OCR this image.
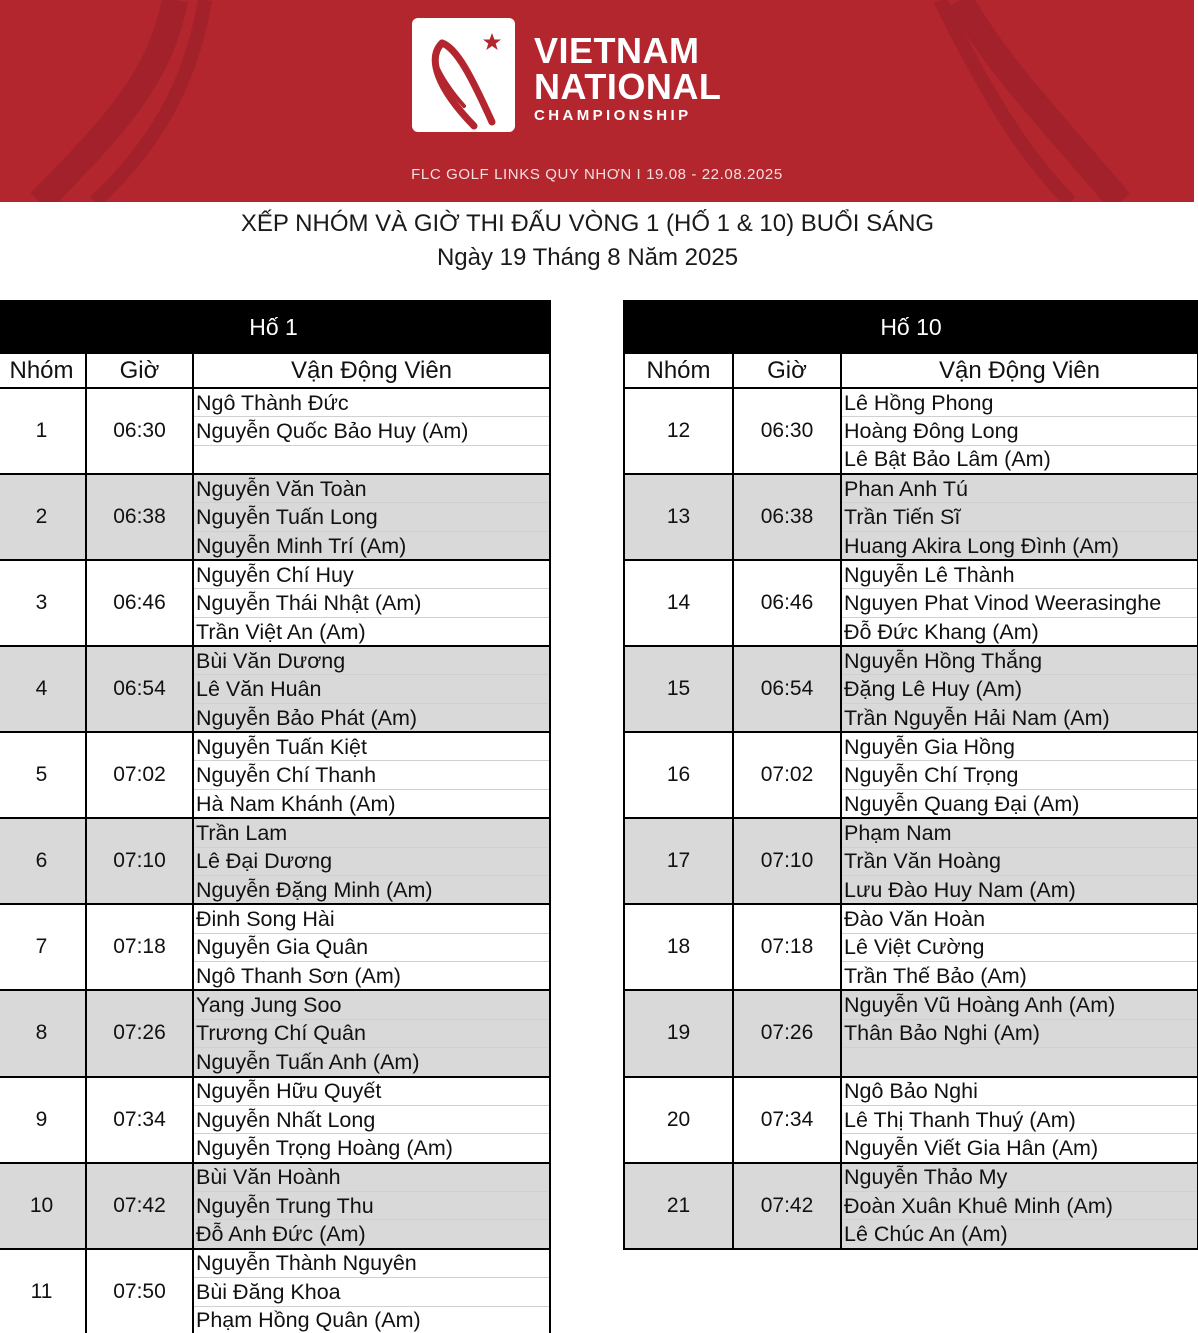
VIETNAM
NATIONAL
CHAMPIONSHIP
FLC GOLF LINKS QUY NHƠN I 19.08 - 22.08.2025
XẾP NHÓM VÀ GIỜ THI ĐẤU VÒNG 1 (HỐ 1 & 10) BUỔI SÁNG
Ngày 19 Tháng 8 Năm 2025
Hố 1		
Nhóm	Giờ	Vận Động Viên
1	06:30	Ngô Thành Đức
		Nguyễn Quốc Bảo Huy (Am)

2	06:38	Nguyễn Văn Toàn
		Nguyễn Tuấn Long
		Nguyễn Minh Trí (Am)
3	06:46	Nguyễn Chí Huy
		Nguyễn Thái Nhật (Am)
		Trần Việt An (Am)
4	06:54	Bùi Văn Dương
		Lê Văn Huân
		Nguyễn Bảo Phát (Am)
5	07:02	Nguyễn Tuấn Kiệt
		Nguyễn Chí Thanh
		Hà Nam Khánh (Am)
6	07:10	Trần Lam
		Lê Đại Dương
		Nguyễn Đặng Minh (Am)
7	07:18	Đinh Song Hài
		Nguyễn Gia Quân
		Ngô Thanh Sơn (Am)
8	07:26	Yang Jung Soo
		Trương Chí Quân
		Nguyễn Tuấn Anh (Am)
9	07:34	Nguyễn Hữu Quyết
		Nguyễn Nhất Long
		Nguyễn Trọng Hoàng (Am)
10	07:42	Bùi Văn Hoành
		Nguyễn Trung Thu
		Đỗ Anh Đức (Am)
11	07:50	Nguyễn Thành Nguyên
		Bùi Đăng Khoa
		Phạm Hồng Quân (Am)
Hố 10		
Nhóm	Giờ	Vận Động Viên
12	06:30	Lê Hồng Phong
		Hoàng Đông Long
		Lê Bật Bảo Lâm (Am)
13	06:38	Phan Anh Tú
		Trần Tiến Sĩ
		Huang Akira Long Đình (Am)
14	06:46	Nguyễn Lê Thành
		Nguyen Phat Vinod Weerasinghe
		Đỗ Đức Khang (Am)
15	06:54	Nguyễn Hồng Thắng
		Đặng Lê Huy (Am)
		Trần Nguyễn Hải Nam (Am)
16	07:02	Nguyễn Gia Hồng
		Nguyễn Chí Trọng
		Nguyễn Quang Đại (Am)
17	07:10	Phạm Nam
		Trần Văn Hoàng
		Lưu Đào Huy Nam (Am)
18	07:18	Đào Văn Hoàn
		Lê Việt Cường
		Trần Thế Bảo (Am)
19	07:26	Nguyễn Vũ Hoàng Anh (Am)
		Thân Bảo Nghi (Am)

20	07:34	Ngô Bảo Nghi
		Lê Thị Thanh Thuý (Am)
		Nguyễn Viết Gia Hân (Am)
21	07:42	Nguyễn Thảo My
		Đoàn Xuân Khuê Minh (Am)
		Lê Chúc An (Am)
